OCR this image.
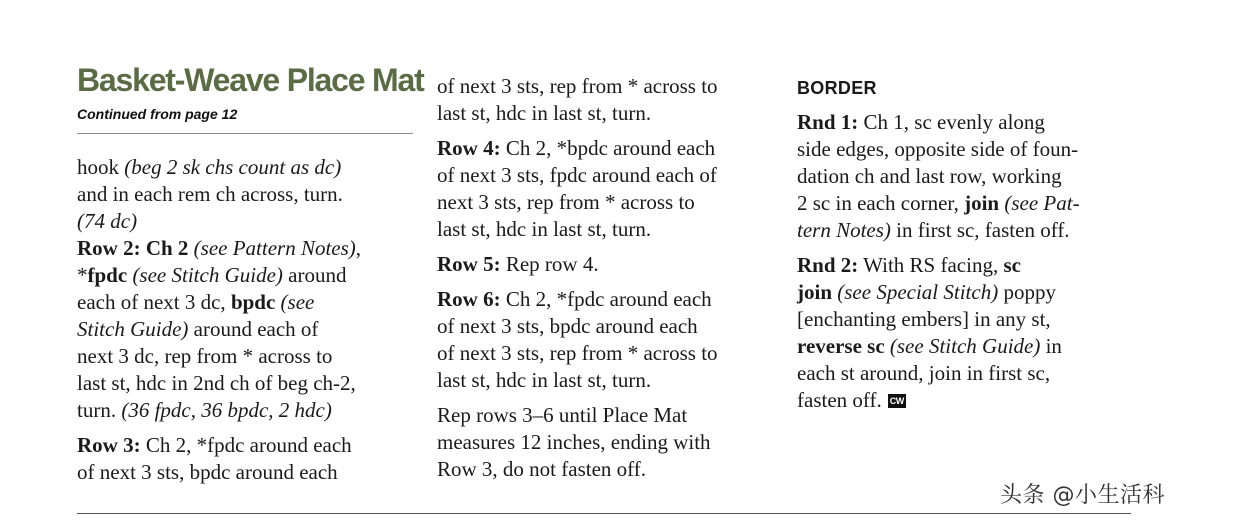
Basket-Weave Place Mat
Continued from page 12

hook (beg 2 sk chs count as dc)
and in each rem ch across, turn.
(74 dc)

Row 2: Ch 2 (see Pattern Notes),
*fpdc (see Stitch Guide) around
each of next 3 dc, bpdc (see
Stitch Guide) around each of
next 3 dc, rep from * across to
last st, hdc in 2nd ch of beg ch-2,
turn. (36 fpdc, 36 bpdc, 2 hdc)

Row 3: Ch 2, *fpdc around each
of next 3 sts, bpdc around each

of next 3 sts, rep from * across to
last st, hdc in last st, turn.

Row 4: Ch 2, *bpdc around each
of next 3 sts, fpdc around each of
next 3 sts, rep from * across to
last st, hdc in last st, turn.

Row 5: Rep row 4.

Row 6: Ch 2, *fpdc around each
of next 3 sts, bpdc around each
of next 3 sts, rep from * across to
last st, hdc in last st, turn.

Rep rows 3–6 until Place Mat
measures 12 inches, ending with
Row 3, do not fasten off.

BORDER

Rnd 1: Ch 1, sc evenly along
side edges, opposite side of foun-
dation ch and last row, working
2 sc in each corner, join (see Pat-
tern Notes) in first sc, fasten off.

Rnd 2: With RS facing, sc
join (see Special Stitch) poppy
[enchanting embers] in any st,
reverse sc (see Stitch Guide) in
each st around, join in first sc,
fasten off. CW

头条 @小生活科
